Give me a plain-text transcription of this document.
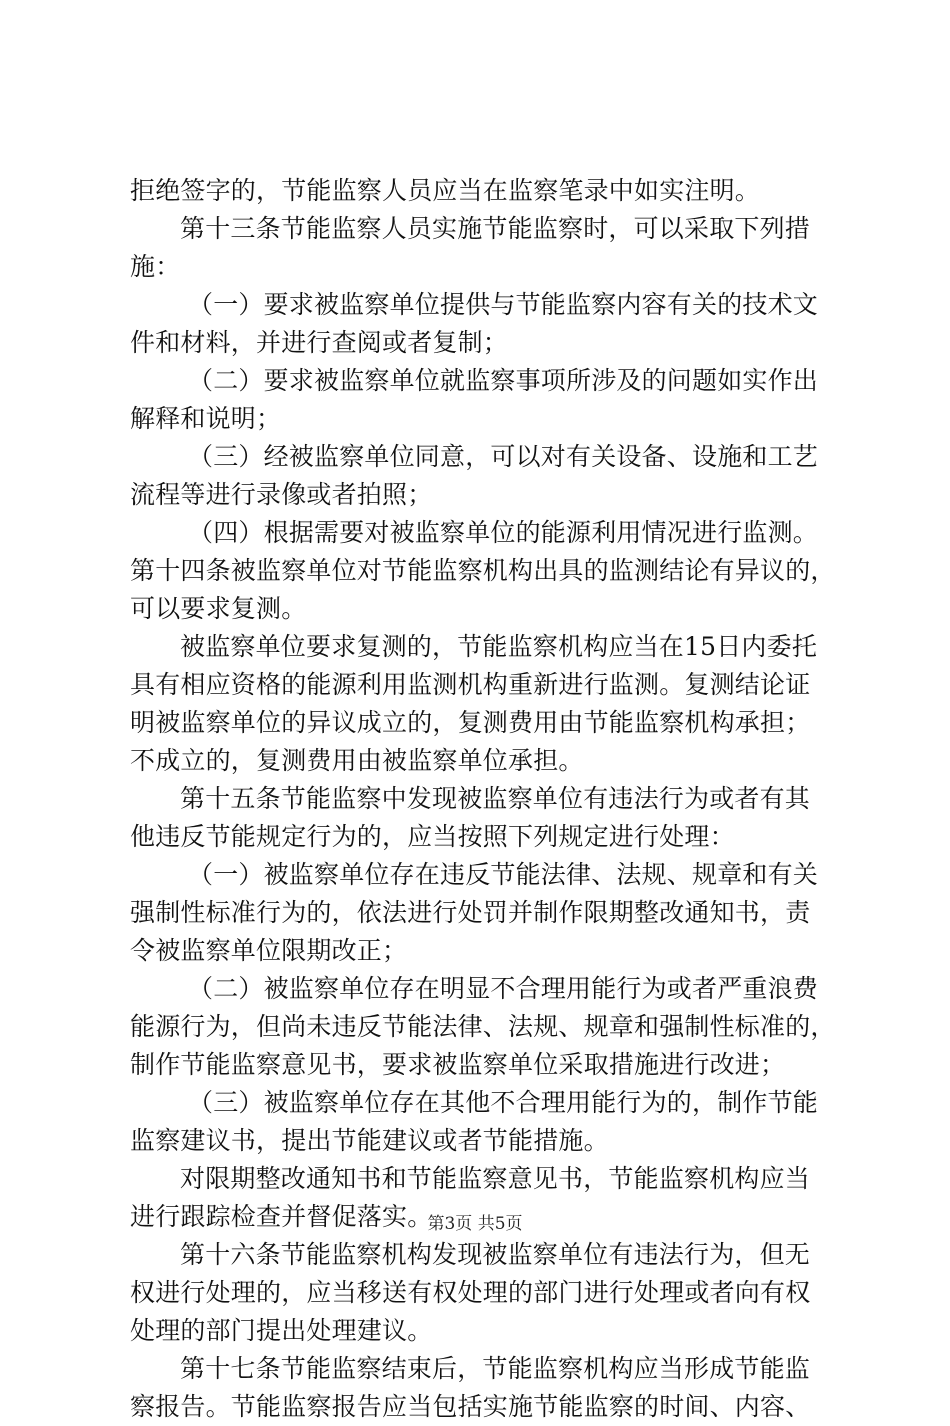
拒绝签字的，节能监察人员应当在监察笔录中如实注明。
第十三条节能监察人员实施节能监察时，可以采取下列措
施：
（一）要求被监察单位提供与节能监察内容有关的技术文
件和材料，并进行查阅或者复制；
（二）要求被监察单位就监察事项所涉及的问题如实作出
解释和说明；
（三）经被监察单位同意，可以对有关设备、设施和工艺
流程等进行录像或者拍照；
（四）根据需要对被监察单位的能源利用情况进行监测。
第十四条被监察单位对节能监察机构出具的监测结论有异议的，
可以要求复测。
被监察单位要求复测的，节能监察机构应当在15日内委托
具有相应资格的能源利用监测机构重新进行监测。复测结论证
明被监察单位的异议成立的，复测费用由节能监察机构承担；
不成立的，复测费用由被监察单位承担。
第十五条节能监察中发现被监察单位有违法行为或者有其
他违反节能规定行为的，应当按照下列规定进行处理：
（一）被监察单位存在违反节能法律、法规、规章和有关
强制性标准行为的，依法进行处罚并制作限期整改通知书，责
令被监察单位限期改正；
（二）被监察单位存在明显不合理用能行为或者严重浪费
能源行为，但尚未违反节能法律、法规、规章和强制性标准的，
制作节能监察意见书，要求被监察单位采取措施进行改进；
（三）被监察单位存在其他不合理用能行为的，制作节能
监察建议书，提出节能建议或者节能措施。
对限期整改通知书和节能监察意见书，节能监察机构应当
进行跟踪检查并督促落实。
第十六条节能监察机构发现被监察单位有违法行为，但无
权进行处理的，应当移送有权处理的部门进行处理或者向有权
处理的部门提出处理建议。
第十七条节能监察结束后，节能监察机构应当形成节能监
察报告。节能监察报告应当包括实施节能监察的时间、内容、
第3页 共5页
